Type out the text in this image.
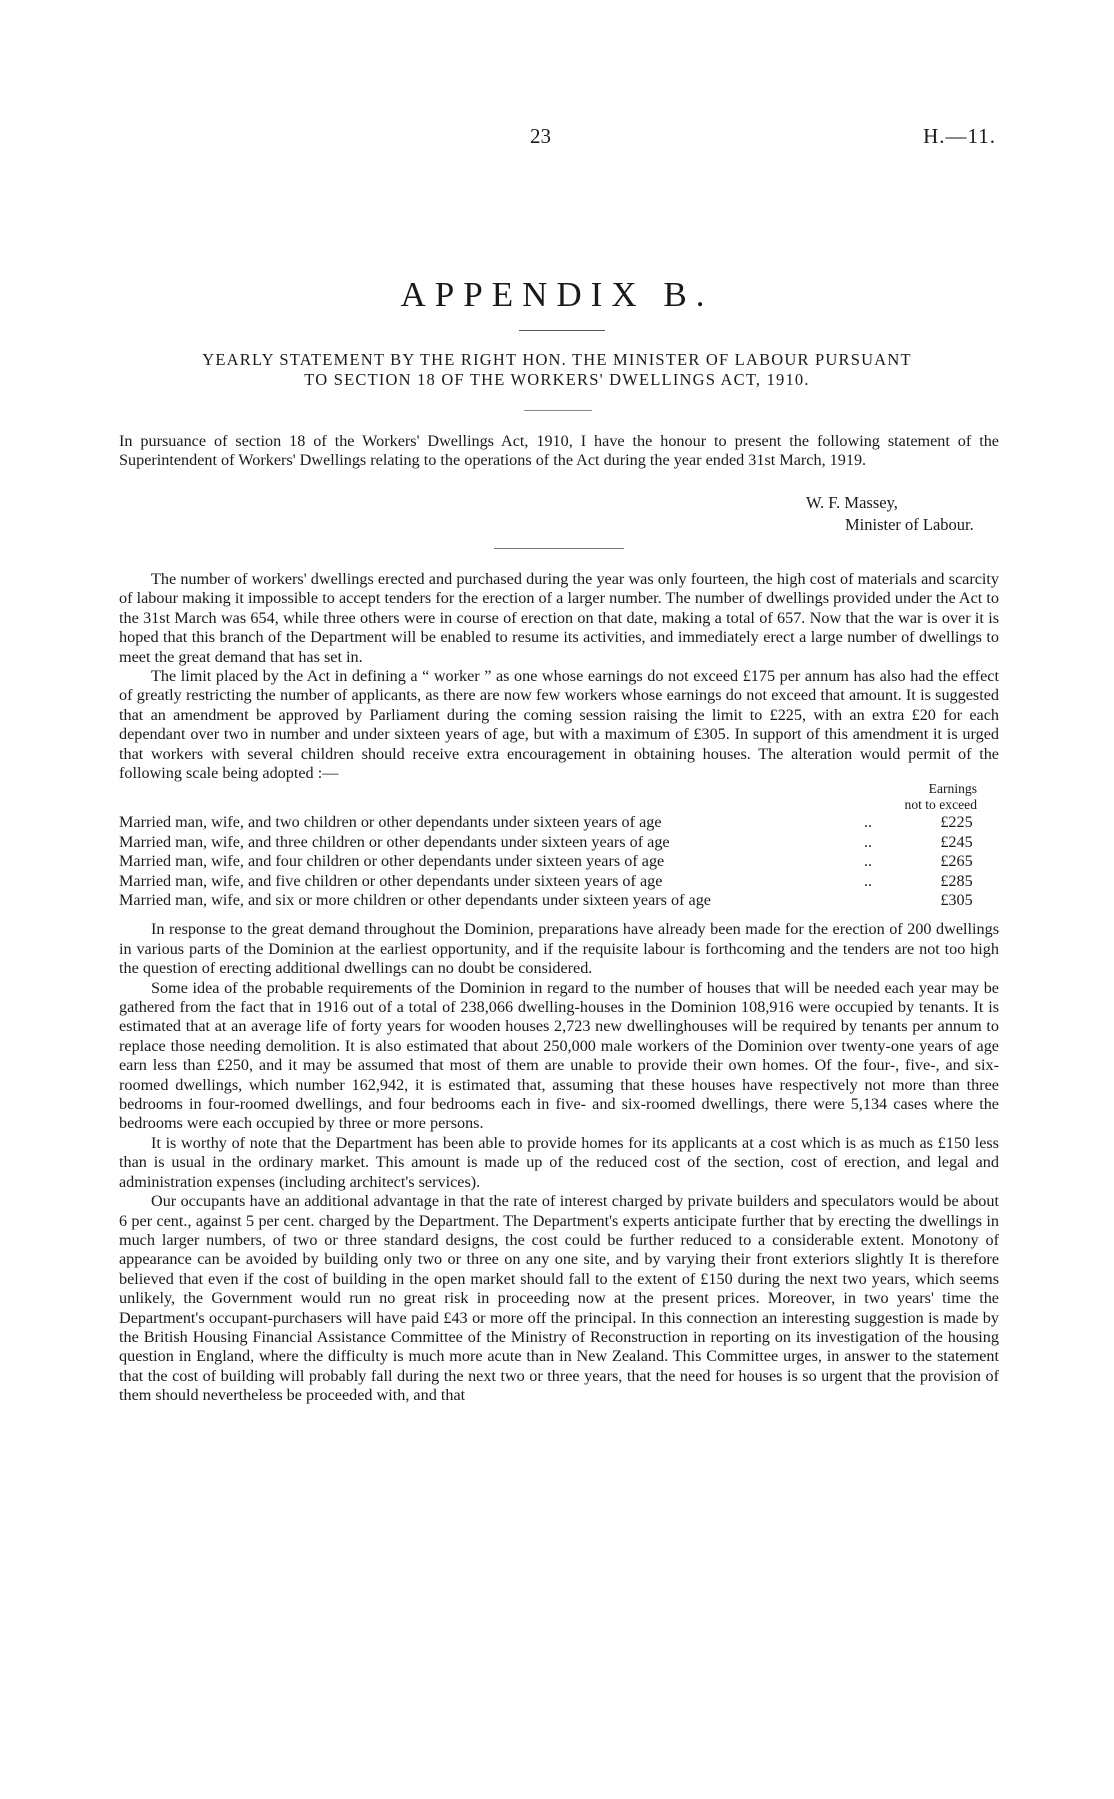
23	H.—11.
APPENDIX B.
YEARLY STATEMENT BY THE RIGHT HON. THE MINISTER OF LABOUR PURSUANT
TO SECTION 18 OF THE WORKERS' DWELLINGS ACT, 1910.
In pursuance of section 18 of the Workers' Dwellings Act, 1910, I have the honour to present the following statement of the Superintendent of Workers' Dwellings relating to the operations of the Act during the year ended 31st March, 1919.
W. F. Massey,
Minister of Labour.

The number of workers' dwellings erected and purchased during the year was only fourteen, the high cost of materials and scarcity of labour making it impossible to accept tenders for the erection of a larger number. The number of dwellings provided under the Act to the 31st March was 654, while three others were in course of erection on that date, making a total of 657. Now that the war is over it is hoped that this branch of the Department will be enabled to resume its activities, and immediately erect a large number of dwellings to meet the great demand that has set in.

The limit placed by the Act in defining a “ worker ” as one whose earnings do not exceed £175 per annum has also had the effect of greatly restricting the number of applicants, as there are now few workers whose earnings do not exceed that amount. It is suggested that an amendment be approved by Parliament during the coming session raising the limit to £225, with an extra £20 for each dependant over two in number and under sixteen years of age, but with a maximum of £305. In support of this amendment it is urged that workers with several children should receive extra encouragement in obtaining houses. The alteration would permit of the following scale being adopted :—

Earnings
not to exceed
Married man, wife, and two children or other dependants under sixteen years of age	..	£225
Married man, wife, and three children or other dependants under sixteen years of age	..	£245
Married man, wife, and four children or other dependants under sixteen years of age	..	£265
Married man, wife, and five children or other dependants under sixteen years of age	..	£285
Married man, wife, and six or more children or other dependants under sixteen years of age	£305

In response to the great demand throughout the Dominion, preparations have already been made for the erection of 200 dwellings in various parts of the Dominion at the earliest opportunity, and if the requisite labour is forthcoming and the tenders are not too high the question of erecting additional dwellings can no doubt be considered.

Some idea of the probable requirements of the Dominion in regard to the number of houses that will be needed each year may be gathered from the fact that in 1916 out of a total of 238,066 dwelling-houses in the Dominion 108,916 were occupied by tenants. It is estimated that at an average life of forty years for wooden houses 2,723 new dwellinghouses will be required by tenants per annum to replace those needing demolition. It is also estimated that about 250,000 male workers of the Dominion over twenty-one years of age earn less than £250, and it may be assumed that most of them are unable to provide their own homes. Of the four-, five-, and six-roomed dwellings, which number 162,942, it is estimated that, assuming that these houses have respectively not more than three bedrooms in four-roomed dwellings, and four bedrooms each in five- and six-roomed dwellings, there were 5,134 cases where the bedrooms were each occupied by three or more persons.

It is worthy of note that the Department has been able to provide homes for its applicants at a cost which is as much as £150 less than is usual in the ordinary market. This amount is made up of the reduced cost of the section, cost of erection, and legal and administration expenses (including architect's services).

Our occupants have an additional advantage in that the rate of interest charged by private builders and speculators would be about 6 per cent., against 5 per cent. charged by the Department. The Department's experts anticipate further that by erecting the dwellings in much larger numbers, of two or three standard designs, the cost could be further reduced to a considerable extent. Monotony of appearance can be avoided by building only two or three on any one site, and by varying their front exteriors slightly It is therefore believed that even if the cost of building in the open market should fall to the extent of £150 during the next two years, which seems unlikely, the Government would run no great risk in proceeding now at the present prices. Moreover, in two years' time the Department's occupant-purchasers will have paid £43 or more off the principal. In this connection an interesting suggestion is made by the British Housing Financial Assistance Committee of the Ministry of Reconstruction in reporting on its investigation of the housing question in England, where the difficulty is much more acute than in New Zealand. This Committee urges, in answer to the statement that the cost of building will probably fall during the next two or three years, that the need for houses is so urgent that the provision of them should nevertheless be proceeded with, and that
